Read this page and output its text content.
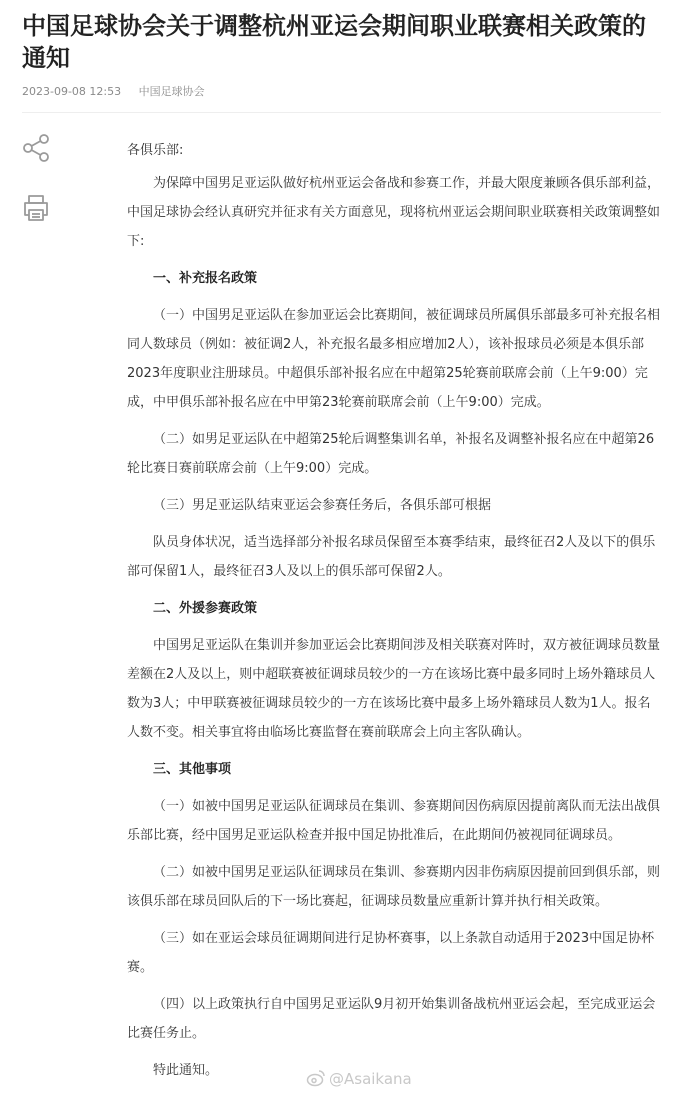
中国足球协会关于调整杭州亚运会期间职业联赛相关政策的通知
2023-09-08 12:53 中国足球协会

各俱乐部:

为保障中国男足亚运队做好杭州亚运会备战和参赛工作，并最大限度兼顾各俱乐部利益，中国足球协会经认真研究并征求有关方面意见，现将杭州亚运会期间职业联赛相关政策调整如下:

一、补充报名政策

（一）中国男足亚运队在参加亚运会比赛期间，被征调球员所属俱乐部最多可补充报名相同人数球员（例如：被征调2人，补充报名最多相应增加2人），该补报球员必须是本俱乐部2023年度职业注册球员。中超俱乐部补报名应在中超第25轮赛前联席会前（上午9:00）完成，中甲俱乐部补报名应在中甲第23轮赛前联席会前（上午9:00）完成。

（二）如男足亚运队在中超第25轮后调整集训名单，补报名及调整补报名应在中超第26轮比赛日赛前联席会前（上午9:00）完成。

（三）男足亚运队结束亚运会参赛任务后，各俱乐部可根据

队员身体状况，适当选择部分补报名球员保留至本赛季结束，最终征召2人及以下的俱乐部可保留1人，最终征召3人及以上的俱乐部可保留2人。

二、外援参赛政策

中国男足亚运队在集训并参加亚运会比赛期间涉及相关联赛对阵时，双方被征调球员数量差额在2人及以上，则中超联赛被征调球员较少的一方在该场比赛中最多同时上场外籍球员人数为3人；中甲联赛被征调球员较少的一方在该场比赛中最多上场外籍球员人数为1人。报名人数不变。相关事宜将由临场比赛监督在赛前联席会上向主客队确认。

三、其他事项

（一）如被中国男足亚运队征调球员在集训、参赛期间因伤病原因提前离队而无法出战俱乐部比赛，经中国男足亚运队检查并报中国足协批准后，在此期间仍被视同征调球员。

（二）如被中国男足亚运队征调球员在集训、参赛期内因非伤病原因提前回到俱乐部，则该俱乐部在球员回队后的下一场比赛起，征调球员数量应重新计算并执行相关政策。

（三）如在亚运会球员征调期间进行足协杯赛事，以上条款自动适用于2023中国足协杯赛。

（四）以上政策执行自中国男足亚运队9月初开始集训备战杭州亚运会起，至完成亚运会比赛任务止。

特此通知。	@Asaikana
